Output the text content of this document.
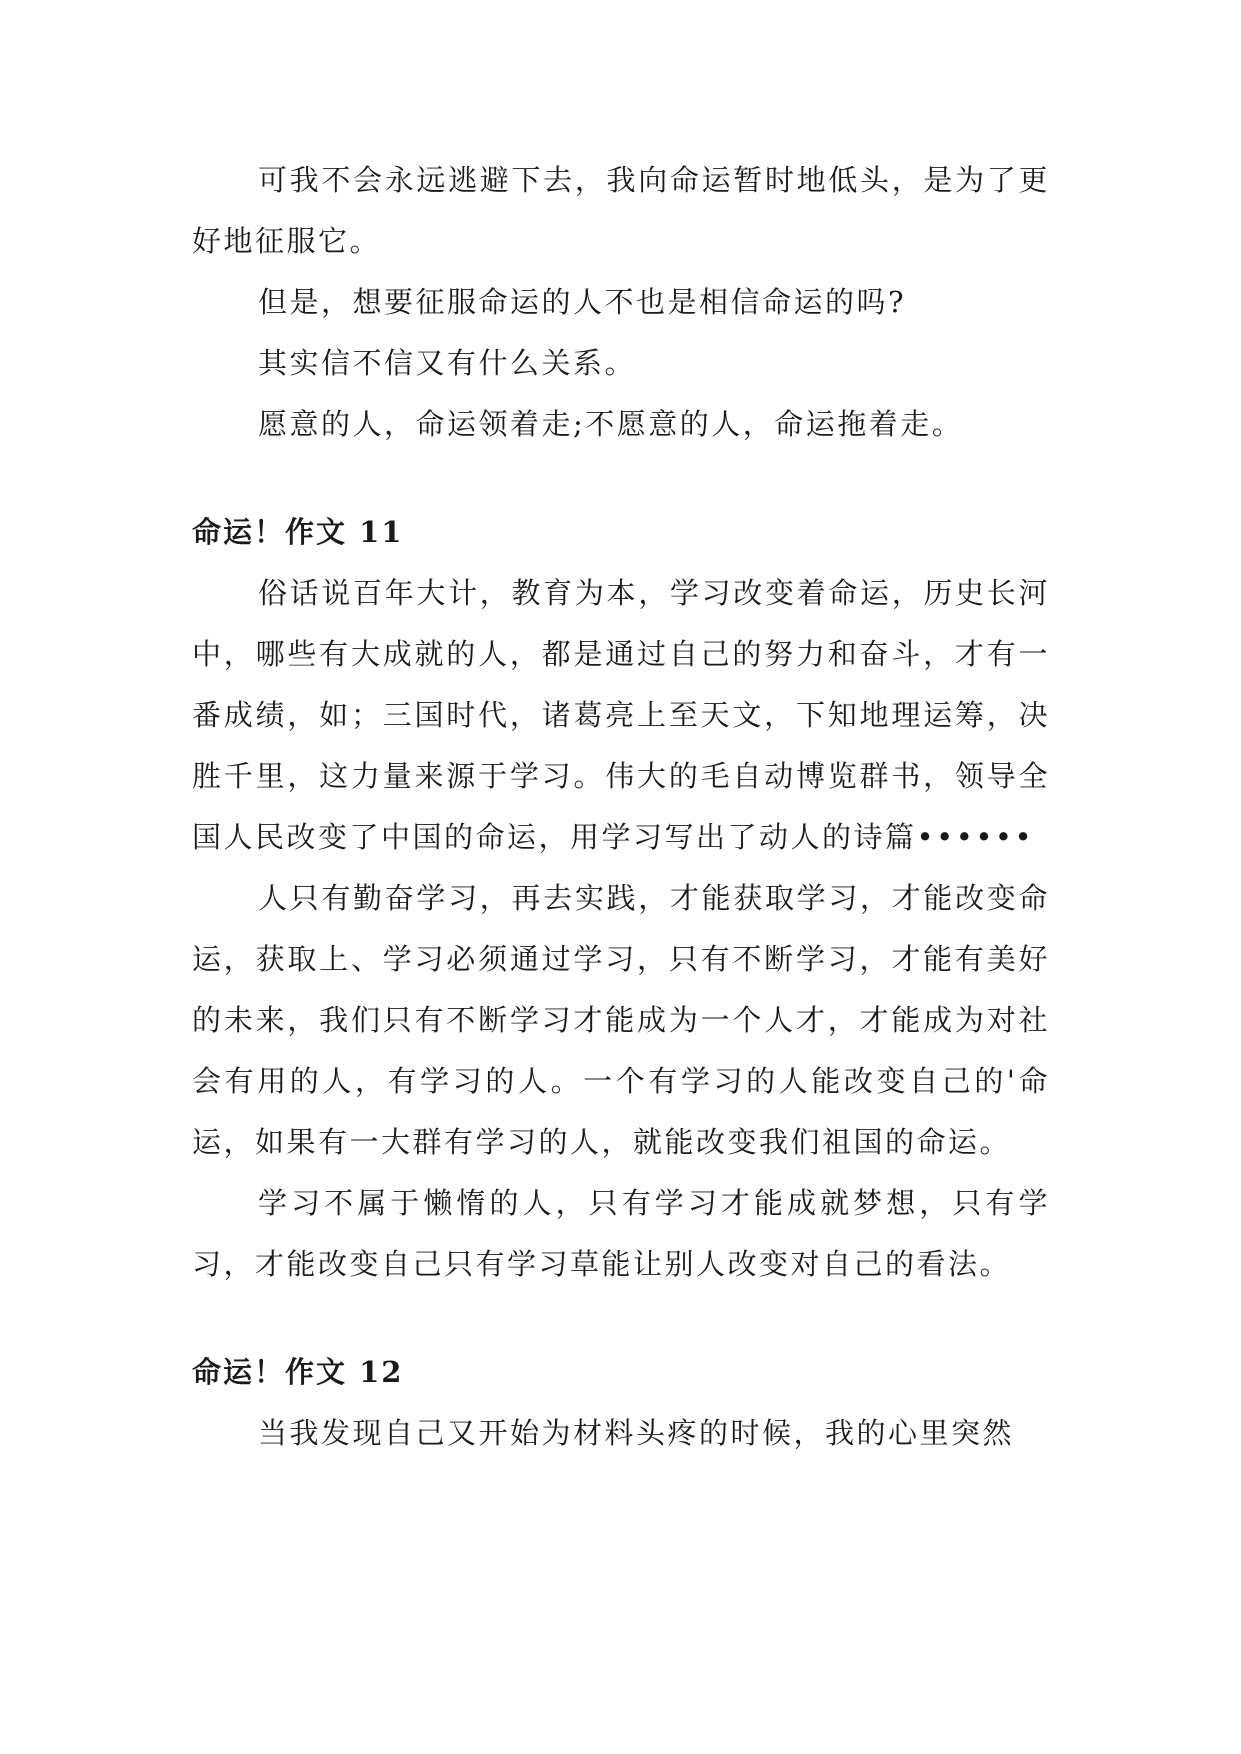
可我不会永远逃避下去，我向命运暂时地低头，是为了更好地征服它。

但是，想要征服命运的人不也是相信命运的吗?

其实信不信又有什么关系。

愿意的人，命运领着走;不愿意的人，命运拖着走。

命运！作文 11

俗话说百年大计，教育为本，学习改变着命运，历史长河中，哪些有大成就的人，都是通过自己的努力和奋斗，才有一番成绩，如；三国时代，诸葛亮上至天文，下知地理运筹，决胜千里，这力量来源于学习。伟大的毛自动博览群书，领导全国人民改变了中国的命运，用学习写出了动人的诗篇••••••

人只有勤奋学习，再去实践，才能获取学习，才能改变命运，获取上、学习必须通过学习，只有不断学习，才能有美好的未来，我们只有不断学习才能成为一个人才，才能成为对社会有用的人，有学习的人。一个有学习的人能改变自己的'命运，如果有一大群有学习的人，就能改变我们祖国的命运。

学习不属于懒惰的人，只有学习才能成就梦想，只有学习，才能改变自己只有学习草能让别人改变对自己的看法。

命运！作文 12

当我发现自己又开始为材料头疼的时候，我的心里突然
